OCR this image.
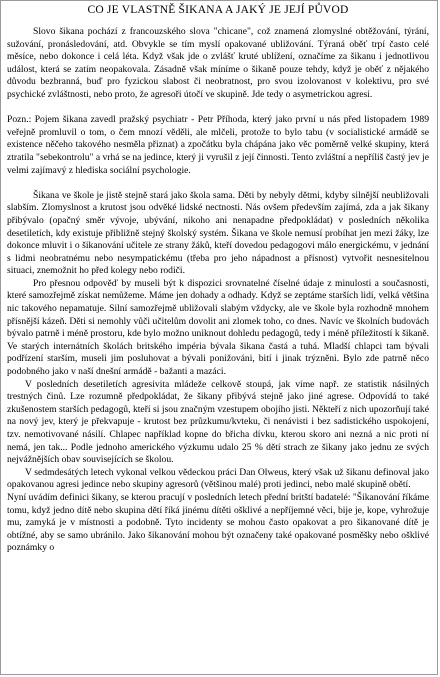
CO JE VLASTNĚ ŠIKANA A JAKÝ JE JEJÍ PŮVOD

Slovo šikana pochází z francouzského slova "chicane", což znamená zlomyslné obtěžování, týrání, sužování, pronásledování, atd. Obvykle se tím myslí opakované ubližování. Týraná oběť trpí často celé měsíce, nebo dokonce i celá léta. Když však jde o zvlášť kruté ublížení, označíme za šikanu i jednotlivou událost, která se zatím neopakovala. Zásadně však míníme o šikaně pouze tehdy, když je oběť z nějakého důvodu bezbranná, buď pro fyzickou slabost či neobratnost, pro svou izolovanost v kolektivu, pro své psychické zvláštnosti, nebo proto, že agresoři útočí ve skupině. Jde tedy o asymetrickou agresi.

Pozn.: Pojem šikana zavedl pražský psychiatr - Petr Příhoda, který jako první u nás před listopadem 1989 veřejně promluvil o tom, o čem mnozí věděli, ale mlčeli, protože to bylo tabu (v socialistické armádě se existence něčeho takového nesměla přiznat) a zpočátku byla chápána jako věc poměrně velké skupiny, která ztratila "sebekontrolu" a vrhá se na jedince, který ji vyrušil z její činnosti. Tento zvláštní a nepříliš častý jev je velmi zajímavý z hlediska sociální psychologie.

Šikana ve škole je jistě stejně stará jako škola sama. Děti by nebyly dětmi, kdyby silnější neubližovali slabším. Zlomyslnost a krutost jsou odvěké lidské nectnosti. Nás ovšem především zajímá, zda a jak šikany přibývalo (opačný směr vývoje, ubývání, nikoho ani nenapadne předpokládat) v posledních několika desetiletích, kdy existuje přibližně stejný školský systém. Šikana ve škole nemusí probíhat jen mezi žáky, lze dokonce mluvit i o šikanování učitele ze strany žáků, kteří dovedou pedagogovi málo energickému, v jednání s lidmi neobratnému nebo nesympatickému (třeba pro jeho nápadnost a přísnost) vytvořit nesnesitelnou situaci, znemožnit ho před kolegy nebo rodiči.

Pro přesnou odpověď by museli být k dispozici srovnatelné číselné údaje z minulosti a současnosti, které samozřejmě získat nemůžeme. Máme jen dohady a odhady. Když se zeptáme starších lidí, velká většina nic takového nepamatuje. Silní samozřejmě ubližovali slabým vždycky, ale ve škole byla rozhodně mnohem přísnější kázeň. Děti si nemohly vůči učitelům dovolit ani zlomek toho, co dnes. Navíc ve školních budovách bývalo patrně i méně prostoru, kde bylo možno uniknout dohledu pedagogů, tedy i méně příležitostí k šikaně. Ve starých internátních školách britského impéria bývala šikana častá a tuhá. Mladší chlapci tam bývali podřízení starším, museli jim posluhovat a bývali ponižováni, bití i jinak trýzněni. Bylo zde patrně něco podobného jako v naší dnešní armádě - bažanti a mazáci.

V posledních desetiletích agresivita mládeže celkově stoupá, jak víme např. ze statistik násilných trestných činů. Lze rozumně předpokládat, že šikany přibývá stejně jako jiné agrese. Odpovídá to také zkušenostem starších pedagogů, kteří si jsou značným vzestupem obojího jisti. Někteří z nich upozorňují také na nový jev, který je překvapuje - krutost bez průzkumu/kvteku, či nenávisti i bez sadistického uspokojení, tzv. nemotivované násilí. Chlapec například kopne do břicha dívku, kterou skoro ani nezná a nic proti ní nemá, jen tak... Podle jednoho amerického výzkumu udalo 25 % dětí strach ze šikany jako jednu ze svých nejvážnějších obav souvisejících se školou.

V sedmdesátých letech vykonal velkou vědeckou práci Dan Olweus, který však už šikanu definoval jako opakovanou agresi jedince nebo skupiny agresorů (většinou malé) proti jedinci, nebo malé skupině obětí.

Nyní uvádím definici šikany, se kterou pracují v posledních letech přední britští badatelé: "Šikanování říkáme tomu, když jedno dítě nebo skupina dětí říká jinému dítěti ošklivé a nepříjemné věci, bije je, kope, vyhrožuje mu, zamyká je v místnosti a podobně. Tyto incidenty se mohou často opakovat a pro šikanované dítě je obtížné, aby se samo ubránilo. Jako šikanování mohou být označeny také opakované posměšky nebo ošklivé poznámky o
